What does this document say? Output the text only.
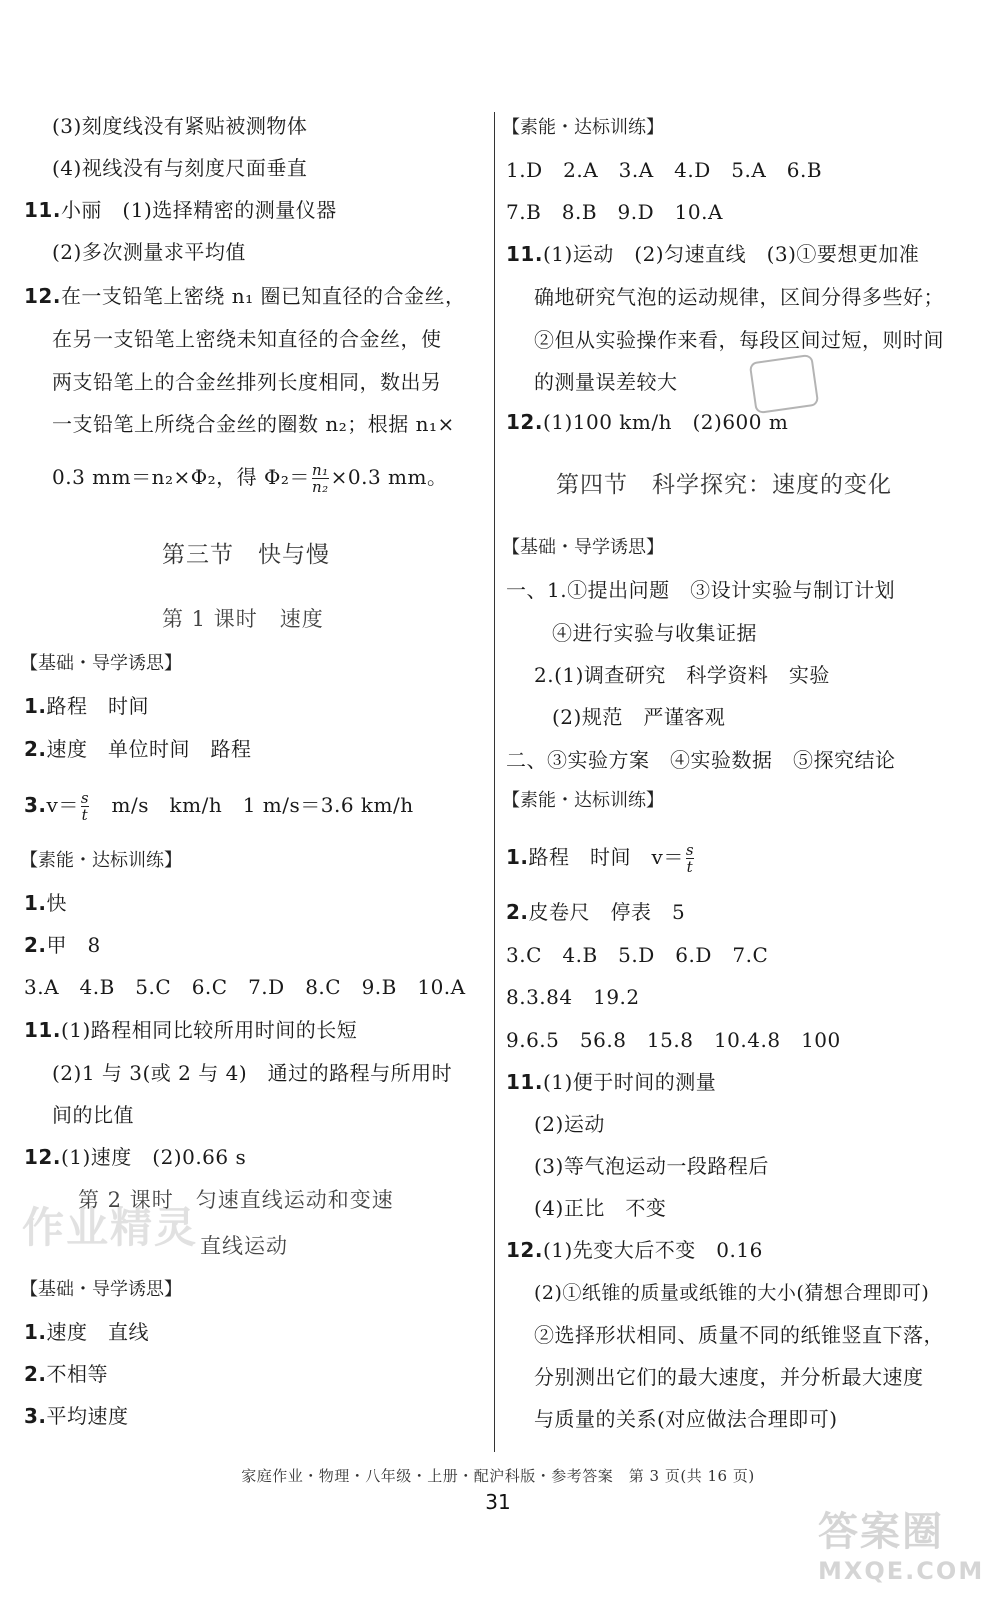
(3)刻度线没有紧贴被测物体
(4)视线没有与刻度尺面垂直
11.小丽　(1)选择精密的测量仪器
(2)多次测量求平均值
12.在一支铅笔上密绕 n₁ 圈已知直径的合金丝，
在另一支铅笔上密绕未知直径的合金丝，使
两支铅笔上的合金丝排列长度相同，数出另
一支铅笔上所绕合金丝的圈数 n₂；根据 n₁×
0.3 mm＝n₂×Φ₂，得 $\Phi_2= \frac{\text{n₁}}{\text{n₂}} \times 0.3$ mm。
第三节　快与慢
第 1 课时　速度
【基础・导学诱思】
1.路程　时间
2.速度　单位时间　路程
$3.v= \frac{s}{t}$ 　m/s　km/h　1 m/s＝3.6 km/h
【素能・达标训练】
1.快
2.甲　8
3.A　4.B　5.C　6.C　7.D　8.C　9.B　10.A
11.(1)路程相同比较所用时间的长短
(2)1 与 3(或 2 与 4)　通过的路程与所用时
间的比值
12.(1)速度　(2)0.66 s
作业精灵
第 2 课时　匀速直线运动和变速
直线运动
【基础・导学诱思】
1.速度　直线
2.不相等
3.平均速度
【素能・达标训练】
1.D　2.A　3.A　4.D　5.A　6.B
7.B　8.B　9.D　10.A
11.(1)运动　(2)匀速直线　(3)①要想更加准
确地研究气泡的运动规律，区间分得多些好；
②但从实验操作来看，每段区间过短，则时间
的测量误差较大
12.(1)100 km/h　(2)600 m
第四节　科学探究：速度的变化
【基础・导学诱思】
一、1.①提出问题　③设计实验与制订计划
④进行实验与收集证据
2.(1)调查研究　科学资料　实验
(2)规范　严谨客观
二、③实验方案　④实验数据　⑤探究结论
【素能・达标训练】
1.路程　时间　$v= \frac{s}{t}$
2.皮卷尺　停表　5
3.C　4.B　5.D　6.D　7.C
8.3.84　19.2
9.6.5　56.8　15.8　10.4.8　100
11.(1)便于时间的测量
(2)运动
(3)等气泡运动一段路程后
(4)正比　不变
12.(1)先变大后不变　0.16
(2)①纸锥的质量或纸锥的大小(猜想合理即可)
②选择形状相同、质量不同的纸锥竖直下落，
分别测出它们的最大速度，并分析最大速度
与质量的关系(对应做法合理即可)
家庭作业・物理・八年级・上册・配沪科版・参考答案　第 3 页(共 16 页)
31
答案圈
MXQE.COM
